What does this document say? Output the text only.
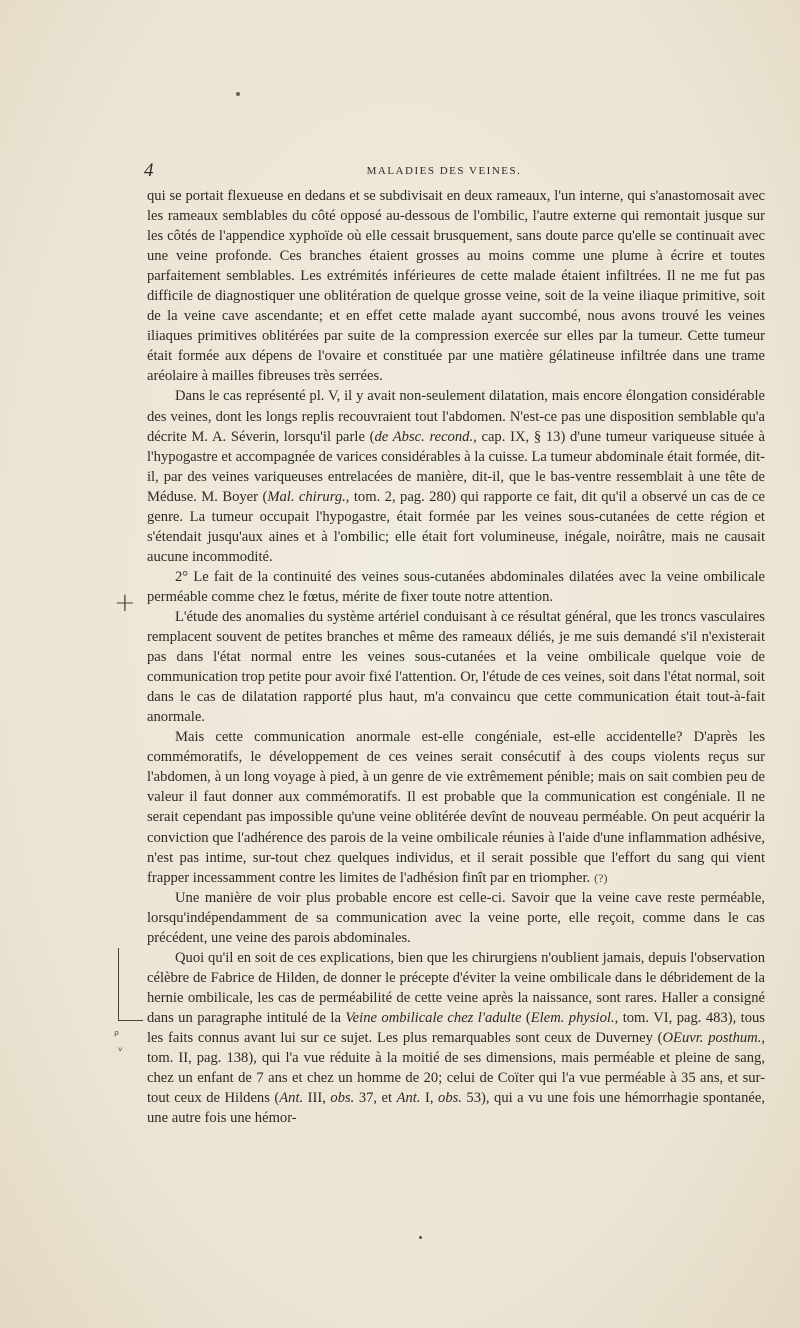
4	MALADIES DES VEINES.

qui se portait flexueuse en dedans et se subdivisait en deux rameaux, l'un interne, qui s'anastomosait avec les rameaux semblables du côté opposé au-dessous de l'ombilic, l'autre externe qui remontait jusque sur les côtés de l'appendice xyphoïde où elle cessait brusquement, sans doute parce qu'elle se continuait avec une veine profonde. Ces branches étaient grosses au moins comme une plume à écrire et toutes parfaitement semblables. Les extrémités inférieures de cette malade étaient infiltrées. Il ne me fut pas difficile de diagnostiquer une oblitération de quelque grosse veine, soit de la veine iliaque primitive, soit de la veine cave ascendante; et en effet cette malade ayant succombé, nous avons trouvé les veines iliaques primitives oblitérées par suite de la compression exercée sur elles par la tumeur. Cette tumeur était formée aux dépens de l'ovaire et constituée par une matière gélatineuse infiltrée dans une trame aréolaire à mailles fibreuses très serrées.

Dans le cas représenté pl. V, il y avait non-seulement dilatation, mais encore élongation considérable des veines, dont les longs replis recouvraient tout l'abdomen. N'est-ce pas une disposition semblable qu'a décrite M. A. Séverin, lorsqu'il parle (de Absc. recond., cap. IX, § 13) d'une tumeur variqueuse située à l'hypogastre et accompagnée de varices considérables à la cuisse. La tumeur abdominale était formée, dit-il, par des veines variqueuses entrelacées de manière, dit-il, que le bas-ventre ressemblait à une tête de Méduse. M. Boyer (Mal. chirurg., tom. 2, pag. 280) qui rapporte ce fait, dit qu'il a observé un cas de ce genre. La tumeur occupait l'hypogastre, était formée par les veines sous-cutanées de cette région et s'étendait jusqu'aux aines et à l'ombilic; elle était fort volumineuse, inégale, noirâtre, mais ne causait aucune incommodité.

2° Le fait de la continuité des veines sous-cutanées abdominales dilatées avec la veine ombilicale perméable comme chez le fœtus, mérite de fixer toute notre attention.

L'étude des anomalies du système artériel conduisant à ce résultat général, que les troncs vasculaires remplacent souvent de petites branches et même des rameaux déliés, je me suis demandé s'il n'existerait pas dans l'état normal entre les veines sous-cutanées et la veine ombilicale quelque voie de communication trop petite pour avoir fixé l'attention. Or, l'étude de ces veines, soit dans l'état normal, soit dans le cas de dilatation rapporté plus haut, m'a convaincu que cette communication était tout-à-fait anormale.

Mais cette communication anormale est-elle congéniale, est-elle accidentelle? D'après les commémoratifs, le développement de ces veines serait consécutif à des coups violents reçus sur l'abdomen, à un long voyage à pied, à un genre de vie extrêmement pénible; mais on sait combien peu de valeur il faut donner aux commémoratifs. Il est probable que la communication est congéniale. Il ne serait cependant pas impossible qu'une veine oblitérée devînt de nouveau perméable. On peut acquérir la conviction que l'adhérence des parois de la veine ombilicale réunies à l'aide d'une inflammation adhésive, n'est pas intime, sur-tout chez quelques individus, et il serait possible que l'effort du sang qui vient frapper incessamment contre les limites de l'adhésion finît par en triompher. (?)

Une manière de voir plus probable encore est celle-ci. Savoir que la veine cave reste perméable, lorsqu'indépendamment de sa communication avec la veine porte, elle reçoit, comme dans le cas précédent, une veine des parois abdominales.

Quoi qu'il en soit de ces explications, bien que les chirurgiens n'oublient jamais, depuis l'observation célèbre de Fabrice de Hilden, de donner le précepte d'éviter la veine ombilicale dans le débridement de la hernie ombilicale, les cas de perméabilité de cette veine après la naissance, sont rares. Haller a consigné dans un paragraphe intitulé de la Veine ombilicale chez l'adulte (Elem. physiol., tom. VI, pag. 483), tous les faits connus avant lui sur ce sujet. Les plus remarquables sont ceux de Duverney (OEuvr. posthum., tom. II, pag. 138), qui l'a vue réduite à la moitié de ses dimensions, mais perméable et pleine de sang, chez un enfant de 7 ans et chez un homme de 20; celui de Coïter qui l'a vue perméable à 35 ans, et sur-tout ceux de Hildens (Ant. III, obs. 37, et Ant. I, obs. 53), qui a vu une fois une hémorrhagie spontanée, une autre fois une hémor-

+
ᵨ
ᵛ
